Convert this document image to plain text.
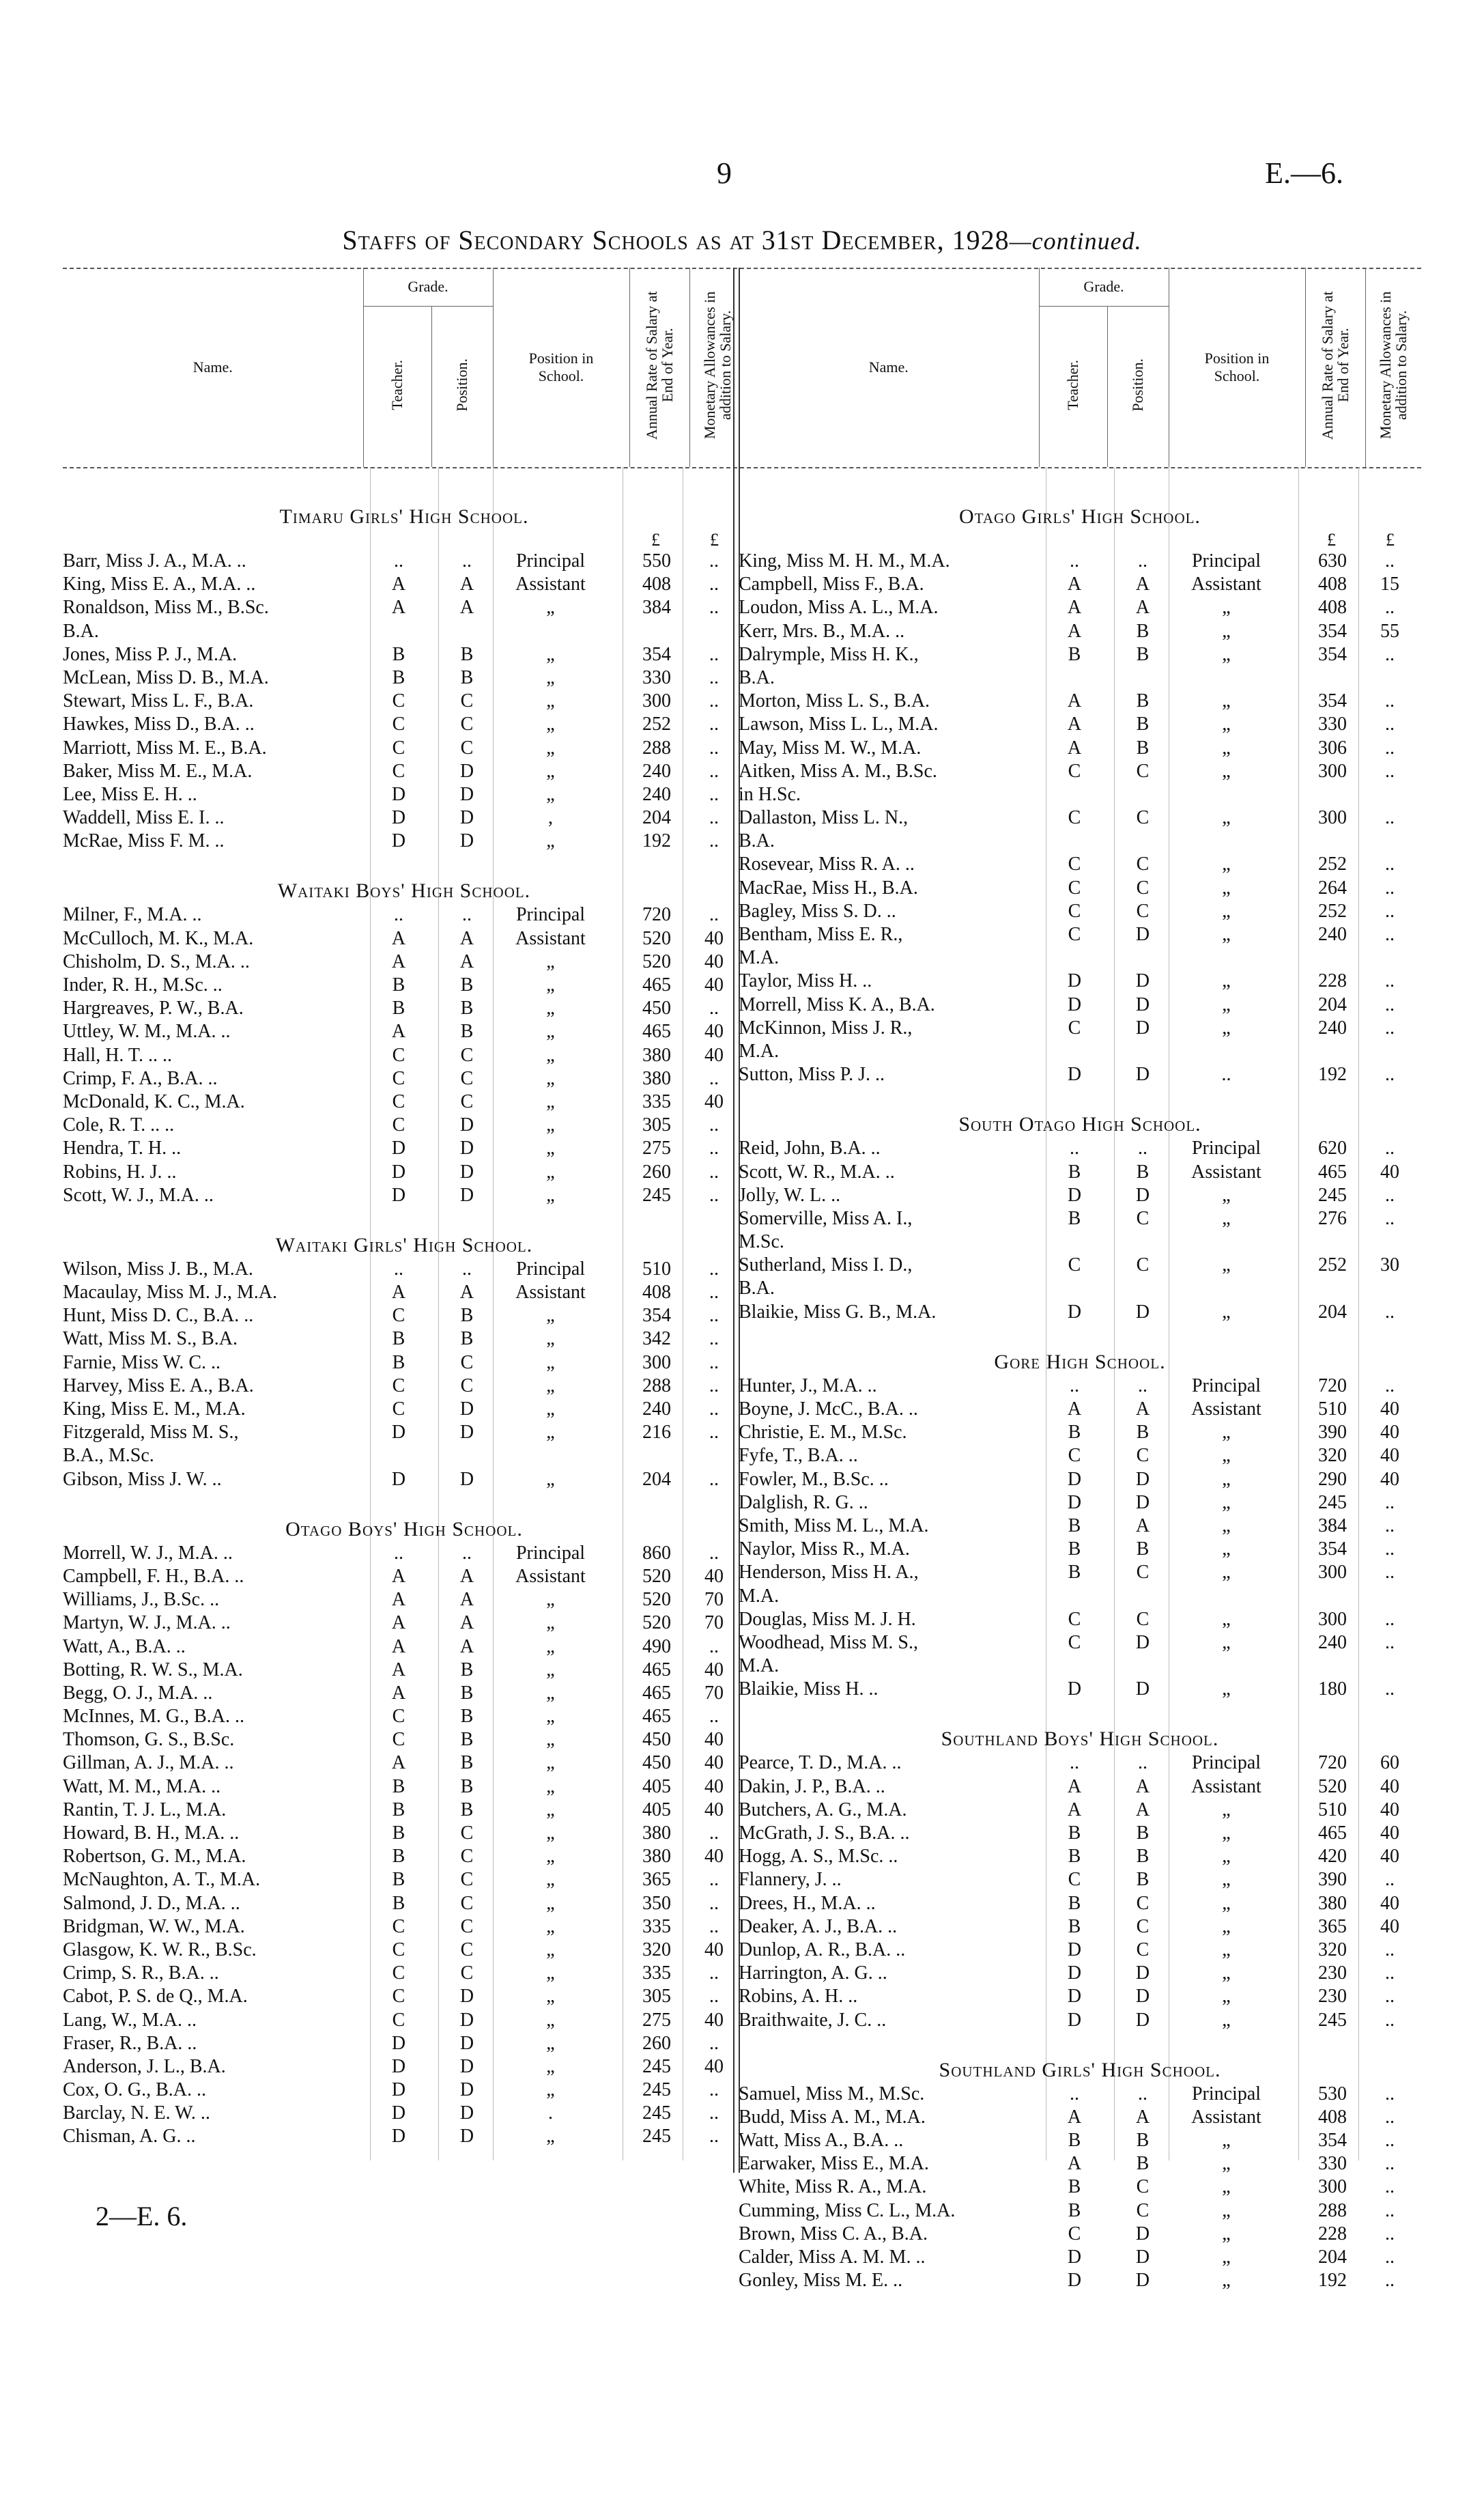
9	E.—6.
Staffs of Secondary Schools as at 31st December, 1928—continued.
Name.	Grade.		Position in School.	Annual Rate of Salary at End of Year.	Monetary Allowances in addition to Salary.
	Teacher.	Position.			
Timaru Girls' High School.
£	£
Barr, Miss J. A., M.A. ..	..	..	Principal	550	..
King, Miss E. A., M.A. ..	A	A	Assistant	408	..
Ronaldson, Miss M., B.Sc.	A	A	„	384	..
B.A.
Jones, Miss P. J., M.A.	B	B	„	354	..
McLean, Miss D. B., M.A.	B	B	„	330	..
Stewart, Miss L. F., B.A.	C	C	„	300	..
Hawkes, Miss D., B.A. ..	C	C	„	252	..
Marriott, Miss M. E., B.A.	C	C	„	288	..
Baker, Miss M. E., M.A.	C	D	„	240	..
Lee, Miss E. H. ..	D	D	„	240	..
Waddell, Miss E. I. ..	D	D	,	204	..
McRae, Miss F. M. ..	D	D	„	192	..
Waitaki Boys' High School.
Milner, F., M.A. ..	..	..	Principal	720	..
McCulloch, M. K., M.A.	A	A	Assistant	520	40
Chisholm, D. S., M.A. ..	A	A	„	520	40
Inder, R. H., M.Sc. ..	B	B	„	465	40
Hargreaves, P. W., B.A.	B	B	„	450	..
Uttley, W. M., M.A. ..	A	B	„	465	40
Hall, H. T. .. ..	C	C	„	380	40
Crimp, F. A., B.A. ..	C	C	„	380	..
McDonald, K. C., M.A.	C	C	„	335	40
Cole, R. T. .. ..	C	D	„	305	..
Hendra, T. H. ..	D	D	„	275	..
Robins, H. J. ..	D	D	„	260	..
Scott, W. J., M.A. ..	D	D	„	245	..
Waitaki Girls' High School.
Wilson, Miss J. B., M.A.	..	..	Principal	510	..
Macaulay, Miss M. J., M.A.	A	A	Assistant	408	..
Hunt, Miss D. C., B.A. ..	C	B	„	354	..
Watt, Miss M. S., B.A.	B	B	„	342	..
Farnie, Miss W. C. ..	B	C	„	300	..
Harvey, Miss E. A., B.A.	C	C	„	288	..
King, Miss E. M., M.A.	C	D	„	240	..
Fitzgerald, Miss M. S.,	D	D	„	216	..
B.A., M.Sc.
Gibson, Miss J. W. ..	D	D	„	204	..
Otago Boys' High School.
Morrell, W. J., M.A. ..	..	..	Principal	860	..
Campbell, F. H., B.A. ..	A	A	Assistant	520	40
Williams, J., B.Sc. ..	A	A	„	520	70
Martyn, W. J., M.A. ..	A	A	„	520	70
Watt, A., B.A. ..	A	A	„	490	..
Botting, R. W. S., M.A.	A	B	„	465	40
Begg, O. J., M.A. ..	A	B	„	465	70
McInnes, M. G., B.A. ..	C	B	„	465	..
Thomson, G. S., B.Sc.	C	B	„	450	40
Gillman, A. J., M.A. ..	A	B	„	450	40
Watt, M. M., M.A. ..	B	B	„	405	40
Rantin, T. J. L., M.A.	B	B	„	405	40
Howard, B. H., M.A. ..	B	C	„	380	..
Robertson, G. M., M.A.	B	C	„	380	40
McNaughton, A. T., M.A.	B	C	„	365	..
Salmond, J. D., M.A. ..	B	C	„	350	..
Bridgman, W. W., M.A.	C	C	„	335	..
Glasgow, K. W. R., B.Sc.	C	C	„	320	40
Crimp, S. R., B.A. ..	C	C	„	335	..
Cabot, P. S. de Q., M.A.	C	D	„	305	..
Lang, W., M.A. ..	C	D	„	275	40
Fraser, R., B.A. ..	D	D	„	260	..
Anderson, J. L., B.A.	D	D	„	245	40
Cox, O. G., B.A. ..	D	D	„	245	..
Barclay, N. E. W. ..	D	D	.	245	..
Chisman, A. G. ..	D	D	„	245	..
Name.	Grade.		Position in School.	Annual Rate of Salary at End of Year.	Monetary Allowances in addition to Salary.
	Teacher.	Position.			
Otago Girls' High School.
£	£
King, Miss M. H. M., M.A.	..	..	Principal	630	..
Campbell, Miss F., B.A.	A	A	Assistant	408	15
Loudon, Miss A. L., M.A.	A	A	„	408	..
Kerr, Mrs. B., M.A. ..	A	B	„	354	55
Dalrymple, Miss H. K.,	B	B	„	354	..
B.A.
Morton, Miss L. S., B.A.	A	B	„	354	..
Lawson, Miss L. L., M.A.	A	B	„	330	..
May, Miss M. W., M.A.	A	B	„	306	..
Aitken, Miss A. M., B.Sc.	C	C	„	300	..
in H.Sc.
Dallaston, Miss L. N.,	C	C	„	300	..
B.A.
Rosevear, Miss R. A. ..	C	C	„	252	..
MacRae, Miss H., B.A.	C	C	„	264	..
Bagley, Miss S. D. ..	C	C	„	252	..
Bentham, Miss E. R.,	C	D	„	240	..
M.A.
Taylor, Miss H. ..	D	D	„	228	..
Morrell, Miss K. A., B.A.	D	D	„	204	..
McKinnon, Miss J. R.,	C	D	„	240	..
M.A.
Sutton, Miss P. J. ..	D	D	..	192	..
South Otago High School.
Reid, John, B.A. ..	..	..	Principal	620	..
Scott, W. R., M.A. ..	B	B	Assistant	465	40
Jolly, W. L. ..	D	D	„	245	..
Somerville, Miss A. I.,	B	C	„	276	..
M.Sc.
Sutherland, Miss I. D.,	C	C	„	252	30
B.A.
Blaikie, Miss G. B., M.A.	D	D	„	204	..
Gore High School.
Hunter, J., M.A. ..	..	..	Principal	720	..
Boyne, J. McC., B.A. ..	A	A	Assistant	510	40
Christie, E. M., M.Sc.	B	B	„	390	40
Fyfe, T., B.A. ..	C	C	„	320	40
Fowler, M., B.Sc. ..	D	D	„	290	40
Dalglish, R. G. ..	D	D	„	245	..
Smith, Miss M. L., M.A.	B	A	„	384	..
Naylor, Miss R., M.A.	B	B	„	354	..
Henderson, Miss H. A.,	B	C	„	300	..
M.A.
Douglas, Miss M. J. H.	C	C	„	300	..
Woodhead, Miss M. S.,	C	D	„	240	..
M.A.
Blaikie, Miss H. ..	D	D	„	180	..
Southland Boys' High School.
Pearce, T. D., M.A. ..	..	..	Principal	720	60
Dakin, J. P., B.A. ..	A	A	Assistant	520	40
Butchers, A. G., M.A.	A	A	„	510	40
McGrath, J. S., B.A. ..	B	B	„	465	40
Hogg, A. S., M.Sc. ..	B	B	„	420	40
Flannery, J. ..	C	B	„	390	..
Drees, H., M.A. ..	B	C	„	380	40
Deaker, A. J., B.A. ..	B	C	„	365	40
Dunlop, A. R., B.A. ..	D	C	„	320	..
Harrington, A. G. ..	D	D	„	230	..
Robins, A. H. ..	D	D	„	230	..
Braithwaite, J. C. ..	D	D	„	245	..
Southland Girls' High School.
Samuel, Miss M., M.Sc.	..	..	Principal	530	..
Budd, Miss A. M., M.A.	A	A	Assistant	408	..
Watt, Miss A., B.A. ..	B	B	„	354	..
Earwaker, Miss E., M.A.	A	B	„	330	..
White, Miss R. A., M.A.	B	C	„	300	..
Cumming, Miss C. L., M.A.	B	C	„	288	..
Brown, Miss C. A., B.A.	C	D	„	228	..
Calder, Miss A. M. M. ..	D	D	„	204	..
Gonley, Miss M. E. ..	D	D	„	192	..
2—E. 6.
